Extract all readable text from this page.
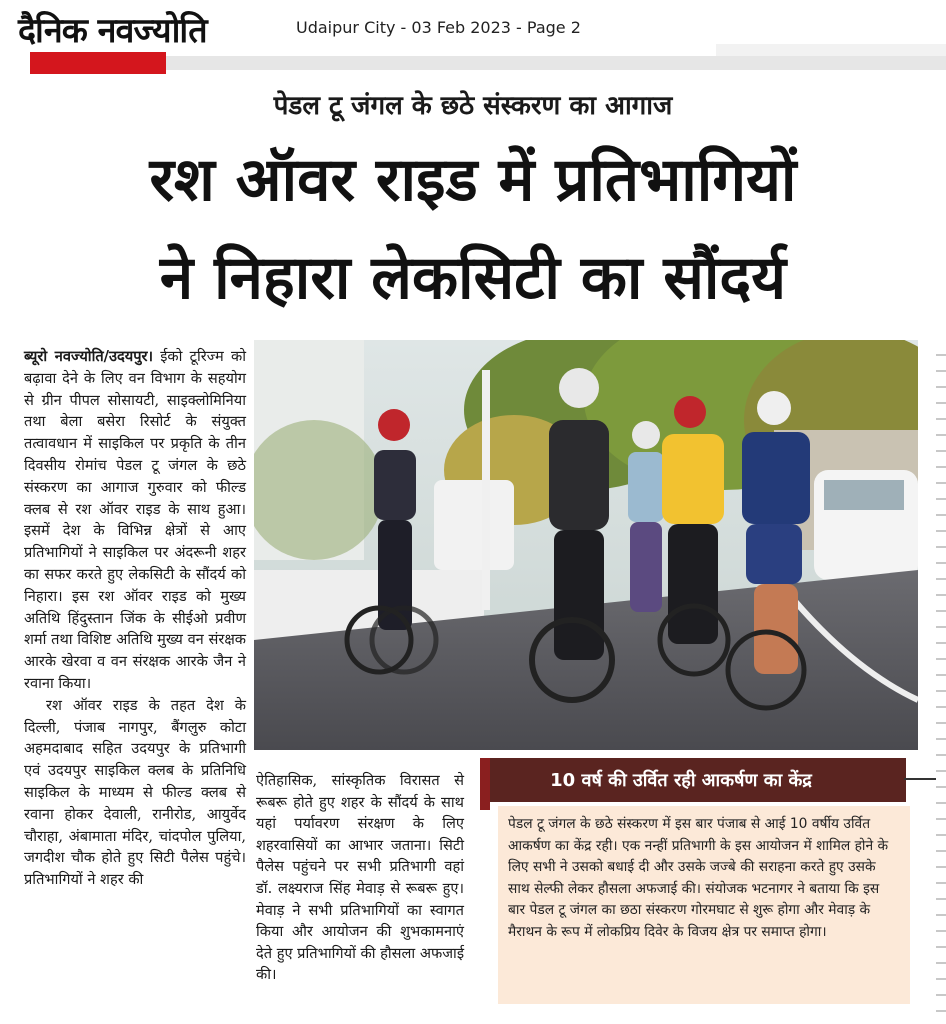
दैनिक नवज्योति	Udaipur City - 03 Feb 2023 - Page 2
पेडल टू जंगल के छठे संस्करण का आगाज
रश ऑवर राइड में प्रतिभागियों
ने निहारा लेकसिटी का सौंदर्य

ब्यूरो नवज्योति/उदयपुर। ईको टूरिज्म को बढ़ावा देने के लिए वन विभाग के सहयोग से ग्रीन पीपल सोसायटी, साइक्लोमिनिया तथा बेला बसेरा रिसोर्ट के संयुक्त तत्वावधान में साइकिल पर प्रकृति के तीन दिवसीय रोमांच पेडल टू जंगल के छठे संस्करण का आगाज गुरुवार को फील्ड क्लब से रश ऑवर राइड के साथ हुआ। इसमें देश के विभिन्न क्षेत्रों से आए प्रतिभागियों ने साइकिल पर अंदरूनी शहर का सफर करते हुए लेकसिटी के सौंदर्य को निहारा। इस रश ऑवर राइड को मुख्य अतिथि हिंदुस्तान जिंक के सीईओ प्रवीण शर्मा तथा विशिष्ट अतिथि मुख्य वन संरक्षक आरके खेरवा व वन संरक्षक आरके जैन ने रवाना किया।

रश ऑवर राइड के तहत देश के दिल्ली, पंजाब नागपुर, बैंगलुरु कोटा अहमदाबाद सहित उदयपुर के प्रतिभागी एवं उदयपुर साइकिल क्लब के प्रतिनिधि साइकिल के माध्यम से फील्ड क्लब से रवाना होकर देवाली, रानीरोड, आयुर्वेद चौराहा, अंबामाता मंदिर, चांदपोल पुलिया, जगदीश चौक होते हुए सिटी पैलेस पहुंचे। प्रतिभागियों ने शहर की

ऐतिहासिक, सांस्कृतिक विरासत से रूबरू होते हुए शहर के सौंदर्य के साथ यहां पर्यावरण संरक्षण के लिए शहरवासियों का आभार जताना। सिटी पैलेस पहुंचने पर सभी प्रतिभागी वहां डॉ. लक्ष्यराज सिंह मेवाड़ से रूबरू हुए। मेवाड़ ने सभी प्रतिभागियों का स्वागत किया और आयोजन की शुभकामनाएं देते हुए प्रतिभागियों की हौसला अफजाई की।
10 वर्ष की उर्वित रही आकर्षण का केंद्र
पेडल टू जंगल के छठे संस्करण में इस बार पंजाब से आई 10 वर्षीय उर्वित आकर्षण का केंद्र रही। एक नन्हीं प्रतिभागी के इस आयोजन में शामिल होने के लिए सभी ने उसको बधाई दी और उसके जज्बे की सराहना करते हुए उसके साथ सेल्फी लेकर हौसला अफजाई की। संयोजक भटनागर ने बताया कि इस बार पेडल टू जंगल का छठा संस्करण गोरमघाट से शुरू होगा और मेवाड़ के मैराथन के रूप में लोकप्रिय दिवेर के विजय क्षेत्र पर समाप्त होगा।
